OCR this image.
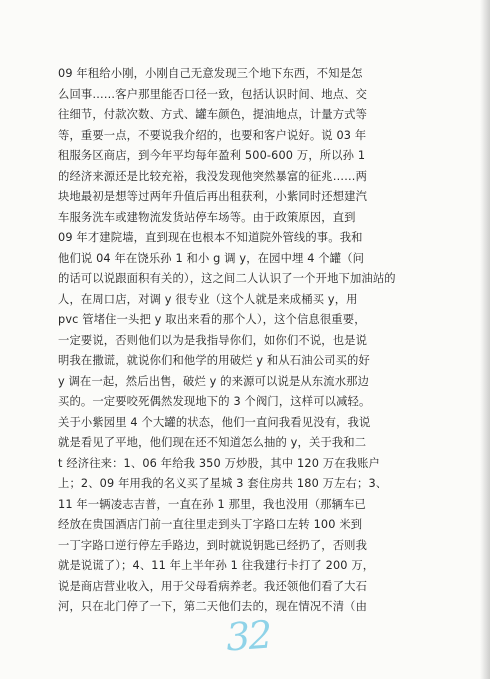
09 年租给小刚，小刚自己无意发现三个地下东西，不知是怎
么回事……客户那里能否口径一致，包括认识时间、地点、交
往细节，付款次数、方式、罐车颜色，提油地点，计量方式等
等，重要一点，不要说我介绍的，也要和客户说好。说 03 年
租服务区商店，到今年平均每年盈利 500-600 万，所以孙 1
的经济来源还是比较充裕，我没发现他突然暴富的征兆……两
块地最初是想等过两年升值后再出租获利，小紫同时还想建汽
车服务洗车或建物流发货站停车场等。由于政策原因，直到
09 年才建院墙，直到现在也根本不知道院外管线的事。我和
他们说 04 年在饶乐孙 1 和小 g 调 y，在园中埋 4 个罐（问
的话可以说跟面积有关的），这之间二人认识了一个开地下加油站的
人，在周口店，对调 y 很专业（这个人就是来成桶买 y，用
pvc 管堵住一头把 y 取出来看的那个人），这个信息很重要，
一定要说，否则他们以为是我指导你们，如你们不说，也是说
明我在撒谎，就说你们和他学的用破烂 y 和从石油公司买的好
y 调在一起，然后出售，破烂 y 的来源可以说是从东流水那边
买的。一定要咬死偶然发现地下的 3 个阀门，这样可以减轻。
关于小紫园里 4 个大罐的状态，他们一直问我看见没有，我说
就是看见了平地，他们现在还不知道怎么抽的 y，关于我和二
t 经济往来：1、06 年给我 350 万炒股，其中 120 万在我账户
上；2、09 年用我的名义买了星城 3 套住房共 180 万左右；3、
11 年一辆凌志吉普，一直在孙 1 那里，我也没用（那辆车已
经放在贵国酒店门前一直往里走到头丁字路口左转 100 米到
一丁字路口逆行停左手路边，到时就说钥匙已经扔了，否则我
就是说谎了）；4、11 年上半年孙 1 往我建行卡打了 200 万，
说是商店营业收入，用于父母看病养老。我还领他们看了大石
河，只在北门停了一下，第二天他们去的，现在情况不清（由
32
